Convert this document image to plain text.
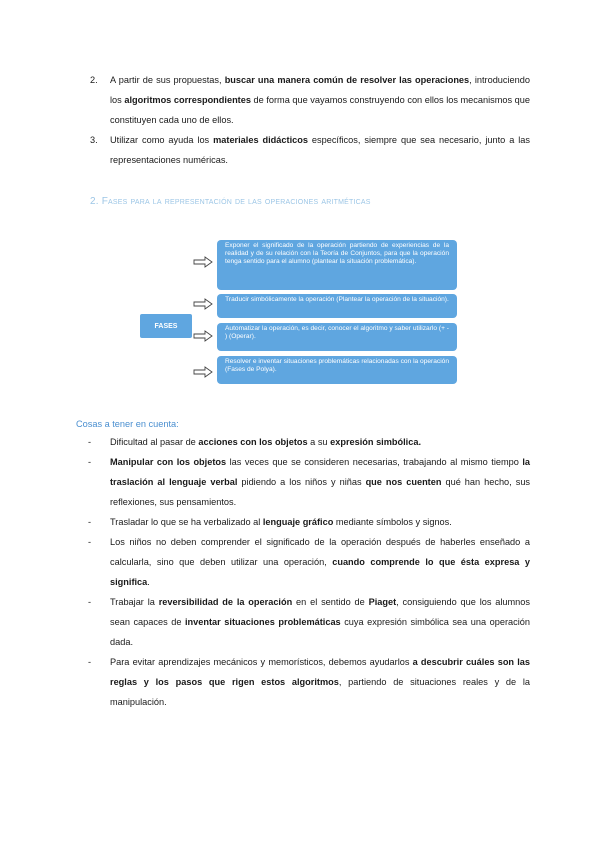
2. A partir de sus propuestas, buscar una manera común de resolver las operaciones, introduciendo los algoritmos correspondientes de forma que vayamos construyendo con ellos los mecanismos que constituyen cada uno de ellos.
3. Utilizar como ayuda los materiales didácticos específicos, siempre que sea necesario, junto a las representaciones numéricas.
2. Fases para la representación de las operaciones aritméticas
FASES
Exponer el significado de la operación partiendo de experiencias de la realidad y de su relación con la Teoría de Conjuntos, para que la operación tenga sentido para el alumno (plantear la situación problemática).
Traducir simbólicamente la operación (Plantear la operación de la situación).
Automatizar la operación, es decir, conocer el algoritmo y saber utilizarlo (+ - ) (Operar).
Resolver e inventar situaciones problemáticas relacionadas con la operación (Fases de Polya).
Cosas a tener en cuenta:
- Dificultad al pasar de acciones con los objetos a su expresión simbólica.
- Manipular con los objetos las veces que se consideren necesarias, trabajando al mismo tiempo la traslación al lenguaje verbal pidiendo a los niños y niñas que nos cuenten qué han hecho, sus reflexiones, sus pensamientos.
- Trasladar lo que se ha verbalizado al lenguaje gráfico mediante símbolos y signos.
- Los niños no deben comprender el significado de la operación después de haberles enseñado a calcularla, sino que deben utilizar una operación, cuando comprende lo que ésta expresa y significa.
- Trabajar la reversibilidad de la operación en el sentido de Piaget, consiguiendo que los alumnos sean capaces de inventar situaciones problemáticas cuya expresión simbólica sea una operación dada.
- Para evitar aprendizajes mecánicos y memorísticos, debemos ayudarlos a descubrir cuáles son las reglas y los pasos que rigen estos algoritmos, partiendo de situaciones reales y de la manipulación.
